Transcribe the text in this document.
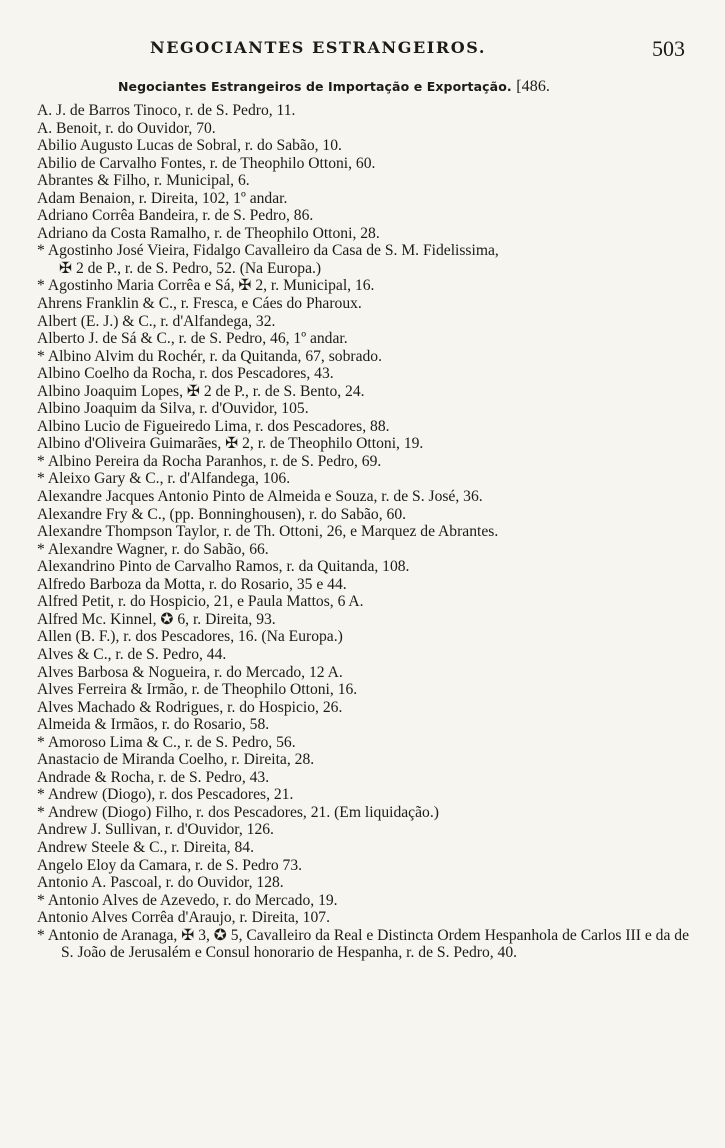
NEGOCIANTES ESTRANGEIROS.	503
Negociantes Estrangeiros de Importação e Exportação. [486.
A. J. de Barros Tinoco, r. de S. Pedro, 11.
A. Benoit, r. do Ouvidor, 70.
Abilio Augusto Lucas de Sobral, r. do Sabão, 10.
Abilio de Carvalho Fontes, r. de Theophilo Ottoni, 60.
Abrantes & Filho, r. Municipal, 6.
Adam Benaion, r. Direita, 102, 1º andar.
Adriano Corrêa Bandeira, r. de S. Pedro, 86.
Adriano da Costa Ramalho, r. de Theophilo Ottoni, 28.
* Agostinho José Vieira, Fidalgo Cavalleiro da Casa de S. M. Fidelissima,
✠ 2 de P., r. de S. Pedro, 52. (Na Europa.)
* Agostinho Maria Corrêa e Sá, ✠ 2, r. Municipal, 16.
Ahrens Franklin & C., r. Fresca, e Cáes do Pharoux.
Albert (E. J.) & C., r. d'Alfandega, 32.
Alberto J. de Sá & C., r. de S. Pedro, 46, 1º andar.
* Albino Alvim du Rochér, r. da Quitanda, 67, sobrado.
Albino Coelho da Rocha, r. dos Pescadores, 43.
Albino Joaquim Lopes, ✠ 2 de P., r. de S. Bento, 24.
Albino Joaquim da Silva, r. d'Ouvidor, 105.
Albino Lucio de Figueiredo Lima, r. dos Pescadores, 88.
Albino d'Oliveira Guimarães, ✠ 2, r. de Theophilo Ottoni, 19.
* Albino Pereira da Rocha Paranhos, r. de S. Pedro, 69.
* Aleixo Gary & C., r. d'Alfandega, 106.
Alexandre Jacques Antonio Pinto de Almeida e Souza, r. de S. José, 36.
Alexandre Fry & C., (pp. Bonninghousen), r. do Sabão, 60.
Alexandre Thompson Taylor, r. de Th. Ottoni, 26, e Marquez de Abrantes.
* Alexandre Wagner, r. do Sabão, 66.
Alexandrino Pinto de Carvalho Ramos, r. da Quitanda, 108.
Alfredo Barboza da Motta, r. do Rosario, 35 e 44.
Alfred Petit, r. do Hospicio, 21, e Paula Mattos, 6 A.
Alfred Mc. Kinnel, ✪ 6, r. Direita, 93.
Allen (B. F.), r. dos Pescadores, 16. (Na Europa.)
Alves & C., r. de S. Pedro, 44.
Alves Barbosa & Nogueira, r. do Mercado, 12 A.
Alves Ferreira & Irmão, r. de Theophilo Ottoni, 16.
Alves Machado & Rodrigues, r. do Hospicio, 26.
Almeida & Irmãos, r. do Rosario, 58.
* Amoroso Lima & C., r. de S. Pedro, 56.
Anastacio de Miranda Coelho, r. Direita, 28.
Andrade & Rocha, r. de S. Pedro, 43.
* Andrew (Diogo), r. dos Pescadores, 21.
* Andrew (Diogo) Filho, r. dos Pescadores, 21. (Em liquidação.)
Andrew J. Sullivan, r. d'Ouvidor, 126.
Andrew Steele & C., r. Direita, 84.
Angelo Eloy da Camara, r. de S. Pedro 73.
Antonio A. Pascoal, r. do Ouvidor, 128.
* Antonio Alves de Azevedo, r. do Mercado, 19.
Antonio Alves Corrêa d'Araujo, r. Direita, 107.
* Antonio de Aranaga, ✠ 3, ✪ 5, Cavalleiro da Real e Distincta Ordem Hespanhola de Carlos III e da de S. João de Jerusalém e Consul honorario de Hespanha, r. de S. Pedro, 40.
